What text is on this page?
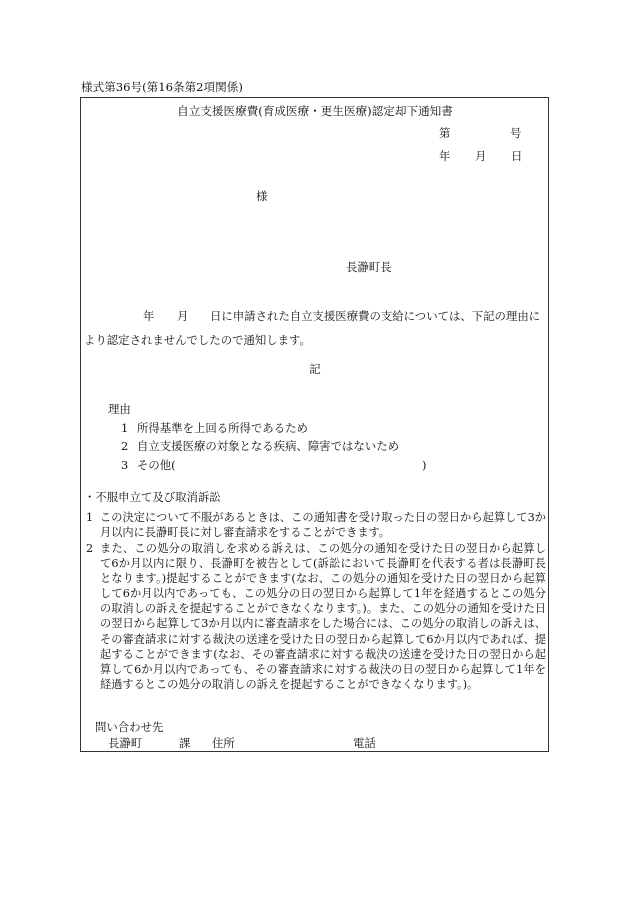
様式第36号(第16条第2項関係)
自立支援医療費(育成医療・更生医療)認定却下通知書
第	号
年 月 日
様
長瀞町長
年 月 日に申請された自立支援医療費の支給については、下記の理由に
より認定されませんでしたので通知します。
記
理由
1 所得基準を上回る所得であるため
2 自立支援医療の対象となる疾病、障害ではないため
3 その他(	)
・不服申立て及び取消訴訟
1 この決定について不服があるときは、この通知書を受け取った日の翌日から起算して3か月以内に長瀞町長に対し審査請求をすることができます。
2 また、この処分の取消しを求める訴えは、この処分の通知を受けた日の翌日から起算して6か月以内に限り、長瀞町を被告として(訴訟において長瀞町を代表する者は長瀞町長となります。)提起することができます(なお、この処分の通知を受けた日の翌日から起算して6か月以内であっても、この処分の日の翌日から起算して1年を経過するとこの処分の取消しの訴えを提起することができなくなります。)。また、この処分の通知を受けた日の翌日から起算して3か月以内に審査請求をした場合には、この処分の取消しの訴えは、その審査請求に対する裁決の送達を受けた日の翌日から起算して6か月以内であれば、提起することができます(なお、その審査請求に対する裁決の送達を受けた日の翌日から起算して6か月以内であっても、その審査請求に対する裁決の日の翌日から起算して1年を経過するとこの処分の取消しの訴えを提起することができなくなります。)。
問い合わせ先
長瀞町	課 住所	電話
